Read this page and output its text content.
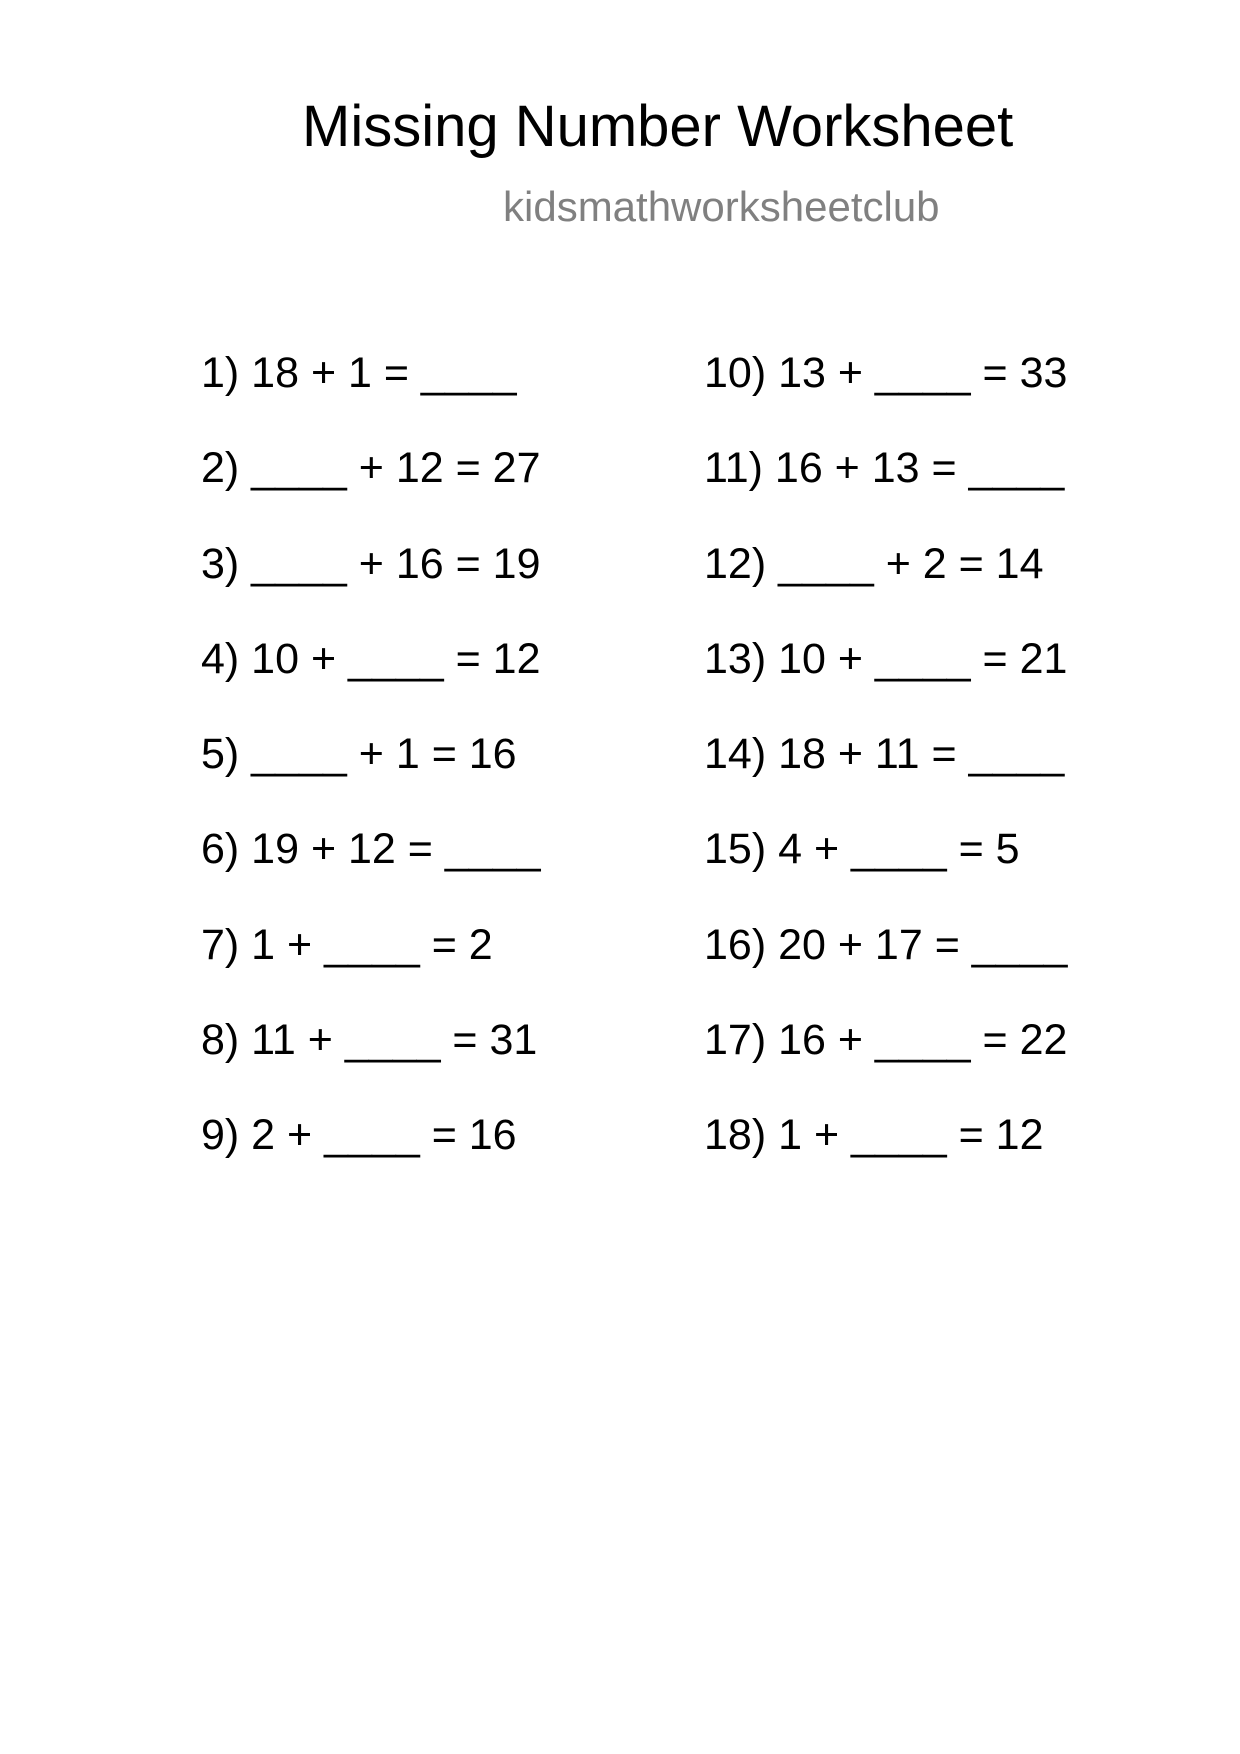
Missing Number Worksheet
kidsmathworksheetclub
1) 18 + 1 = ____
2) ____ + 12 = 27
3) ____ + 16 = 19
4) 10 + ____ = 12
5) ____ + 1 = 16
6) 19 + 12 = ____
7) 1 + ____ = 2
8) 11 + ____ = 31
9) 2 + ____ = 16
10) 13 + ____ = 33
11) 16 + 13 = ____
12) ____ + 2 = 14
13) 10 + ____ = 21
14) 18 + 11 = ____
15) 4 + ____ = 5
16) 20 + 17 = ____
17) 16 + ____ = 22
18) 1 + ____ = 12
